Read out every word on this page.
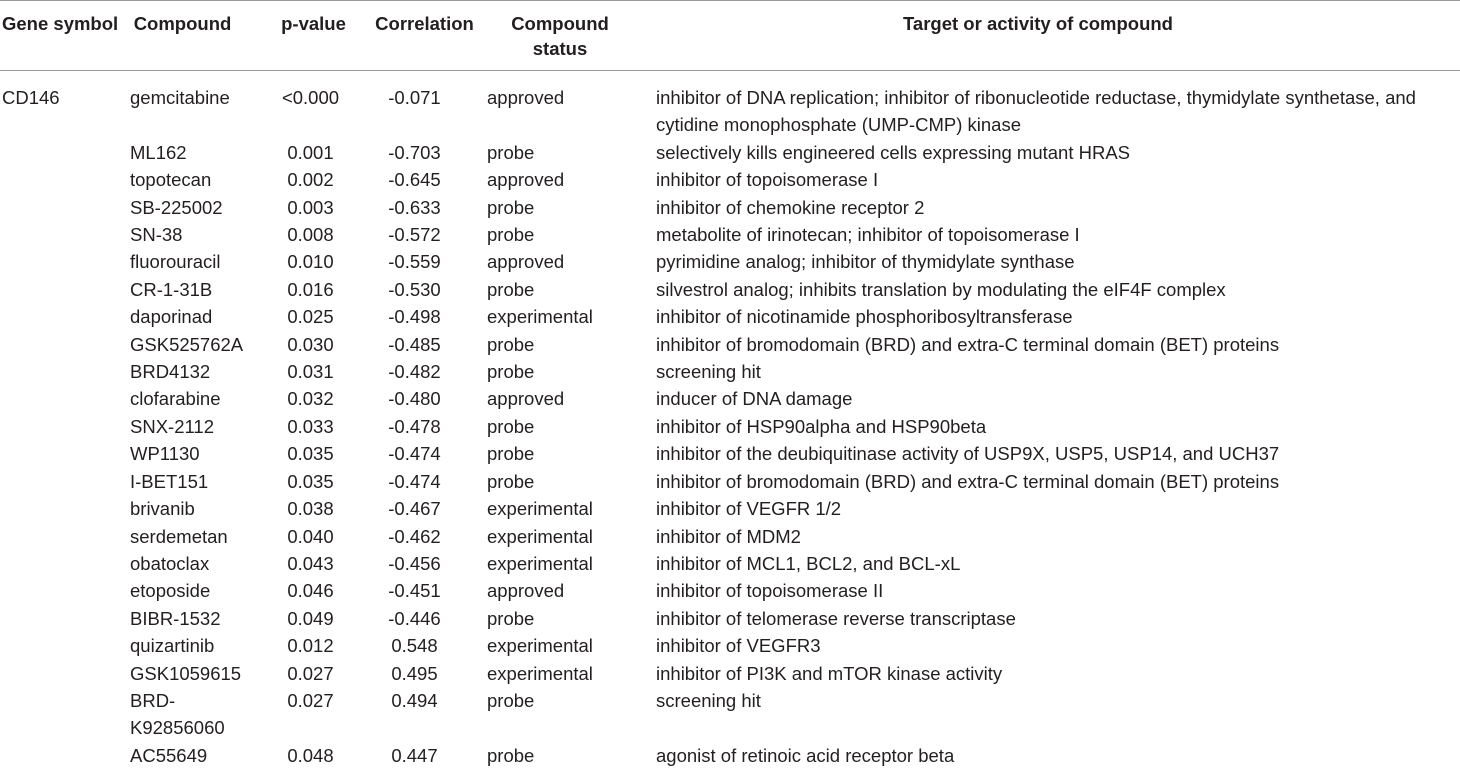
Gene symbol	Compound	p-value	Correlation	Compound status	Target or activity of compound
CD146	gemcitabine	<0.000	-0.071	approved	inhibitor of DNA replication; inhibitor of ribonucleotide reductase, thymidylate synthetase, and cytidine monophosphate (UMP-CMP) kinase
	ML162	0.001	-0.703	probe	selectively kills engineered cells expressing mutant HRAS
	topotecan	0.002	-0.645	approved	inhibitor of topoisomerase I
	SB-225002	0.003	-0.633	probe	inhibitor of chemokine receptor 2
	SN-38	0.008	-0.572	probe	metabolite of irinotecan; inhibitor of topoisomerase I
	fluorouracil	0.010	-0.559	approved	pyrimidine analog; inhibitor of thymidylate synthase
	CR-1-31B	0.016	-0.530	probe	silvestrol analog; inhibits translation by modulating the eIF4F complex
	daporinad	0.025	-0.498	experimental	inhibitor of nicotinamide phosphoribosyltransferase
	GSK525762A	0.030	-0.485	probe	inhibitor of bromodomain (BRD) and extra-C terminal domain (BET) proteins
	BRD4132	0.031	-0.482	probe	screening hit
	clofarabine	0.032	-0.480	approved	inducer of DNA damage
	SNX-2112	0.033	-0.478	probe	inhibitor of HSP90alpha and HSP90beta
	WP1130	0.035	-0.474	probe	inhibitor of the deubiquitinase activity of USP9X, USP5, USP14, and UCH37
	I-BET151	0.035	-0.474	probe	inhibitor of bromodomain (BRD) and extra-C terminal domain (BET) proteins
	brivanib	0.038	-0.467	experimental	inhibitor of VEGFR 1/2
	serdemetan	0.040	-0.462	experimental	inhibitor of MDM2
	obatoclax	0.043	-0.456	experimental	inhibitor of MCL1, BCL2, and BCL-xL
	etoposide	0.046	-0.451	approved	inhibitor of topoisomerase II
	BIBR-1532	0.049	-0.446	probe	inhibitor of telomerase reverse transcriptase
	quizartinib	0.012	0.548	experimental	inhibitor of VEGFR3
	GSK1059615	0.027	0.495	experimental	inhibitor of PI3K and mTOR kinase activity
	BRD-K92856060	0.027	0.494	probe	screening hit
	AC55649	0.048	0.447	probe	agonist of retinoic acid receptor beta
